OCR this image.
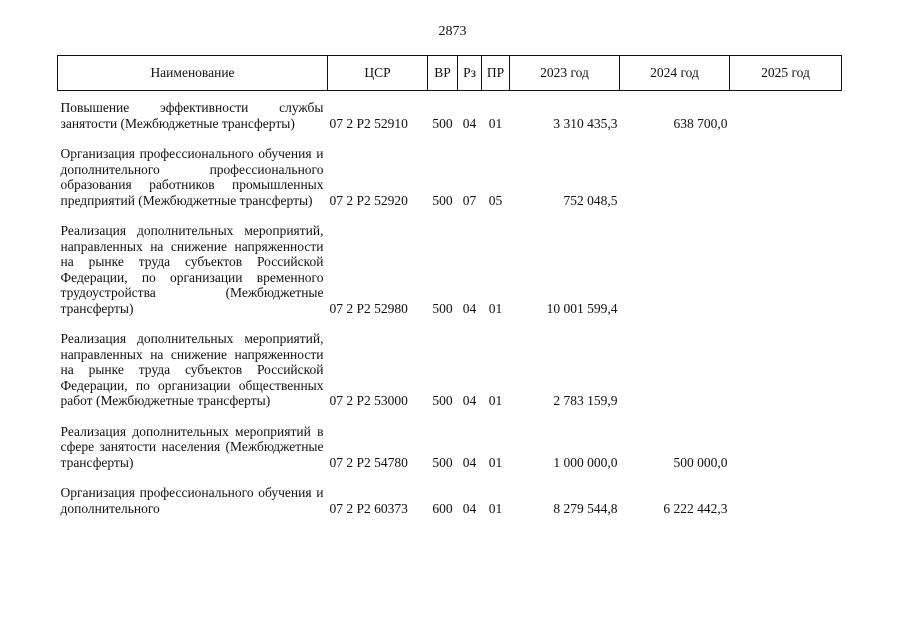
2873
Наименование	ЦСР	ВР	Рз	ПР	2023 год	2024 год	2025 год

Повышение эффективности службы занятости (Межбюджетные трансферты)	07 2 P2 52910	500	04	01	3 310 435,3	638 700,0	

Организация профессионального обучения и дополнительного профессионального образования работников промышленных предприятий (Межбюджетные трансферты)	07 2 P2 52920	500	07	05	752 048,5		

Реализация дополнительных мероприятий, направленных на снижение напряженности на рынке труда субъектов Российской Федерации, по организации временного трудоустройства (Межбюджетные трансферты)	07 2 P2 52980	500	04	01	10 001 599,4		

Реализация дополнительных мероприятий, направленных на снижение напряженности на рынке труда субъектов Российской Федерации, по организации общественных работ (Межбюджетные трансферты)	07 2 P2 53000	500	04	01	2 783 159,9		

Реализация дополнительных мероприятий в сфере занятости населения (Межбюджетные трансферты)	07 2 P2 54780	500	04	01	1 000 000,0	500 000,0	

Организация профессионального обучения и дополнительного	07 2 P2 60373	600	04	01	8 279 544,8	6 222 442,3	
